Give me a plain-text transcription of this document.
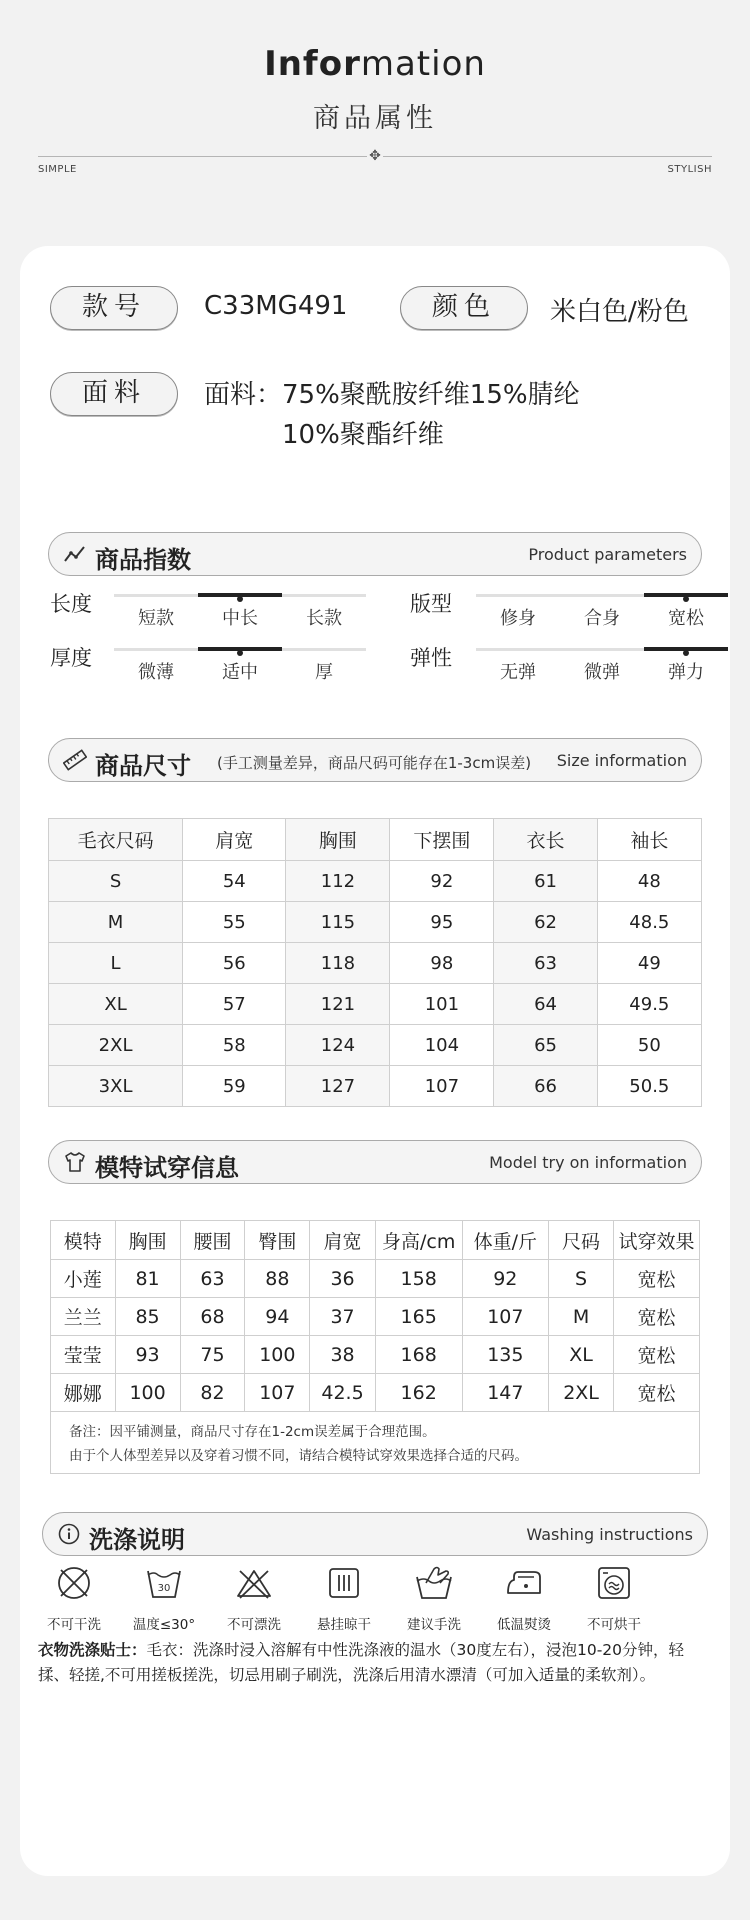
Information
商品属性
✥
SIMPLE	STYLISH
款号	C33MG491	颜色	米白色/粉色
面料	面料：75%聚酰胺纤维15%腈纶
10%聚酯纤维
商品指数	Product parameters
长度
短款	中长	长款
版型
修身	合身	宽松
厚度
微薄	适中	厚
弹性
无弹	微弹	弹力
商品尺寸 (手工测量差异，商品尺码可能存在1-3cm误差) Size information
毛衣尺码	肩宽	胸围	下摆围	衣长	袖长
S	54	112	92	61	48
M	55	115	95	62	48.5
L	56	118	98	63	49
XL	57	121	101	64	49.5
2XL	58	124	104	65	50
3XL	59	127	107	66	50.5
模特试穿信息	Model try on information
模特	胸围	腰围	臀围	肩宽	身高/cm	体重/斤	尺码	试穿效果
小莲	81	63	88	36	158	92	S	宽松
兰兰	85	68	94	37	165	107	M	宽松
莹莹	93	75	100	38	168	135	XL	宽松
娜娜	100	82	107	42.5	162	147	2XL	宽松
备注：因平铺测量，商品尺寸存在1-2cm误差属于合理范围。
由于个人体型差异以及穿着习惯不同，请结合模特试穿效果选择合适的尺码。
洗涤说明	Washing instructions
不可干洗
30
温度≤30°	不可漂洗	悬挂晾干	建议手洗	低温熨烫	不可烘干
衣物洗涤贴士：毛衣：洗涤时浸入溶解有中性洗涤液的温水（30度左右），浸泡10-20分钟，轻揉、轻搓,不可用搓板搓洗，切忌用刷子刷洗，洗涤后用清水漂清（可加入适量的柔软剂）。
